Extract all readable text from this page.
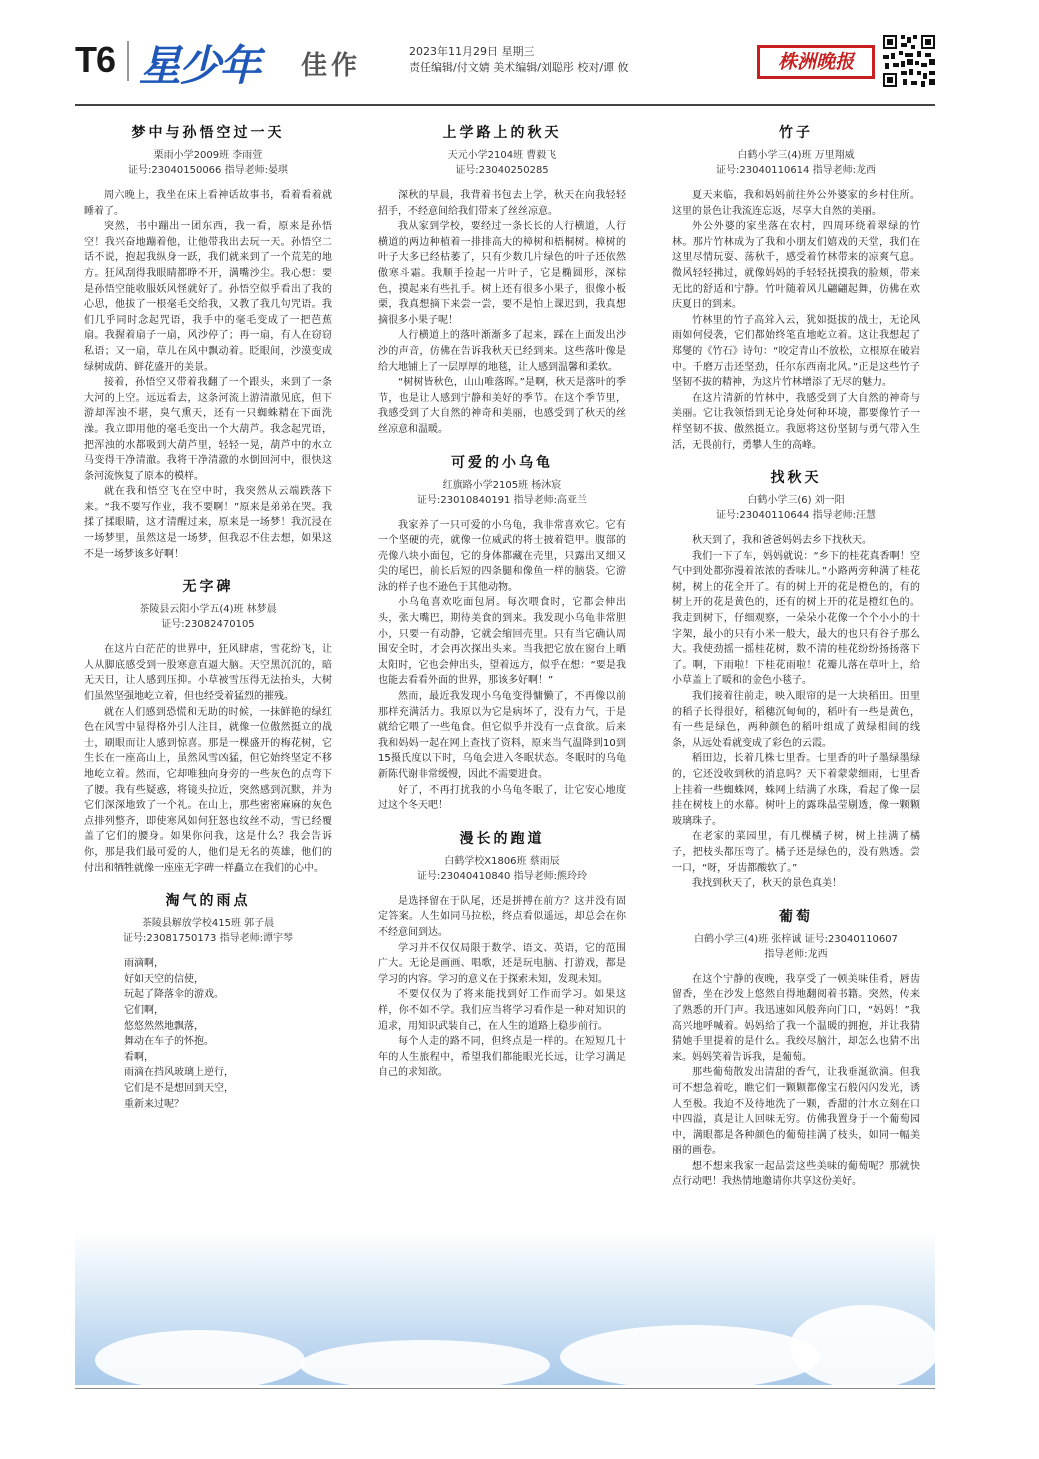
T6 星少年 佳作	2023年11月29日 星期三
责任编辑/付文婧 美术编辑/刘聪彤 校对/谭 攸	株洲晚报
梦中与孙悟空过一天
栗雨小学2009班 李雨萱
证号:23040150066 指导老师:晏琪

周六晚上，我坐在床上看神话故事书，看着看着就睡着了。

突然，书中蹦出一团东西，我一看，原来是孙悟空！我兴奋地蹦着他，让他带我出去玩一天。孙悟空二话不说，抱起我纵身一跃，我们就来到了一个荒芜的地方。狂风刮得我眼睛都睁不开，满嘴沙尘。我心想：要是孙悟空能收服妖风怪就好了。孙悟空似乎看出了我的心思，他拔了一根毫毛交给我，又教了我几句咒语。我们几乎同时念起咒语，我手中的毫毛变成了一把芭蕉扇。我握着扇子一扇，风沙停了；再一扇，有人在窃窃私语；又一扇，草儿在风中飘动着。眨眼间，沙漠变成绿树成荫、鲜花盛开的美景。

接着，孙悟空又带着我翻了一个跟头，来到了一条大河的上空。远远看去，这条河流上游清澈见底，但下游却浑浊不堪，臭气熏天，还有一只蜘蛛精在下面洗澡。我立即用他的毫毛变出一个大葫芦。我念起咒语，把浑浊的水都吸到大葫芦里，轻轻一晃，葫芦中的水立马变得干净清澈。我将干净清澈的水倒回河中，很快这条河流恢复了原本的模样。

就在我和悟空飞在空中时，我突然从云端跌落下来。“我不要写作业，我不要啊！”原来是弟弟在哭。我揉了揉眼睛，这才清醒过来，原来是一场梦！我沉浸在一场梦里，虽然这是一场梦，但我忍不住去想，如果这不是一场梦该多好啊！

无字碑
茶陵县云阳小学五(4)班 林梦晨
证号:23082470105

在这片白茫茫的世界中，狂风肆虐，雪花纷飞，让人从脚底感受到一股寒意直逼大脑。天空黑沉沉的，暗无天日，让人感到压抑。小草被雪压得无法抬头，大树们虽然坚强地屹立着，但也经受着猛烈的摧残。

就在人们感到恐慌和无助的时候，一抹鲜艳的绿红色在风雪中显得格外引人注目，就像一位傲然挺立的战士，刷眼而让人感到惊喜。那是一棵盛开的梅花树，它生长在一座高山上，虽然风雪凶猛，但它始终坚定不移地屹立着。然而，它却唯独向身旁的一些灰色的点弯下了腰。我有些疑惑，将镜头拉近，突然感到沉默，并为它们深深地致了一个礼。在山上，那些密密麻麻的灰色点排列整齐，即使寒风如何狂怒也纹丝不动，雪已经覆盖了它们的腰身。如果你问我，这是什么？我会告诉你，那是我们最可爱的人，他们是无名的英雄，他们的付出和牺牲就像一座座无字碑一样矗立在我们的心中。

淘气的雨点
茶陵县解放学校415班 郭子晨
证号:23081750173 指导老师:谭宇琴
雨滴啊，
好如天空的信使，
玩起了降落伞的游戏。
它们啊，
悠悠然然地飘落，
舞动在车子的怀抱。
看啊，
雨滴在挡风玻璃上逆行，
它们是不是想回到天空，
重新来过呢？
上学路上的秋天
天元小学2104班 曹毅飞
证号:23040250285

深秋的早晨，我背着书包去上学，秋天在向我轻轻招手，不经意间给我们带来了丝丝凉意。

我从家到学校，要经过一条长长的人行横道，人行横道的两边种植着一排排高大的樟树和梧桐树。樟树的叶子大多已经枯萎了，只有少数几片绿色的叶子还依然傲寒斗霜。我顺手捡起一片叶子，它是椭圆形，深棕色，摸起来有些扎手。树上还有很多小果子，很像小板栗，我真想摘下来尝一尝，要不是怕上课迟到，我真想摘很多小果子呢！

人行横道上的落叶渐渐多了起来，踩在上面发出沙沙的声音，仿佛在告诉我秋天已经到来。这些落叶像是给大地铺上了一层厚厚的地毯，让人感到温馨和柔软。

“树树皆秋色，山山唯落晖。”是啊，秋天是落叶的季节，也是让人感到宁静和美好的季节。在这个季节里，我感受到了大自然的神奇和美丽，也感受到了秋天的丝丝凉意和温暖。

可爱的小乌龟
红旗路小学2105班 杨沐宸
证号:23010840191 指导老师:高亚兰

我家养了一只可爱的小乌龟，我非常喜欢它。它有一个坚硬的壳，就像一位威武的将士披着铠甲。腹部的壳像八块小面包，它的身体都藏在壳里，只露出叉细又尖的尾巴，前长后短的四条腿和像鱼一样的脑袋。它游泳的样子也不逊色于其他动物。

小乌龟喜欢吃面包屑。每次喂食时，它都会伸出头，张大嘴巴，期待美食的到来。我发现小乌龟非常胆小，只要一有动静，它就会缩回壳里。只有当它确认周围安全时，才会再次探出头来。当我把它放在窗台上晒太阳时，它也会伸出头，望着远方，似乎在想：“要是我也能去看看外面的世界，那该多好啊！”

然而，最近我发现小乌龟变得慵懒了，不再像以前那样充满活力。我原以为它是病坏了，没有力气，于是就给它喂了一些龟食。但它似乎并没有一点食欲。后来我和妈妈一起在网上查找了资料，原来当气温降到10到15摄氏度以下时，乌龟会进入冬眠状态。冬眠时的乌龟新陈代谢非常缓慢，因此不需要进食。

好了，不再打扰我的小乌龟冬眠了，让它安心地度过这个冬天吧！

漫长的跑道
白鹤学校X1806班 蔡雨辰
证号:23040410840 指导老师:熊玲玲

是选择留在于队尾，还是拼搏在前方？这并没有固定答案。人生如同马拉松，终点看似遥远，却总会在你不经意间到达。

学习并不仅仅局限于数学、语文、英语，它的范围广大。无论是画画、唱歌，还是玩电脑、打游戏，都是学习的内容。学习的意义在于探索未知，发现未知。

不要仅仅为了将来能找到好工作而学习。如果这样，你不如不学。我们应当将学习看作是一种对知识的追求，用知识武装自己，在人生的道路上稳步前行。

每个人走的路不同，但终点是一样的。在短短几十年的人生旅程中，希望我们都能眼光长远，让学习满足自己的求知欲。

竹子
白鹤小学三(4)班 万里翔威
证号:23040110614 指导老师:龙西

夏天来临，我和妈妈前往外公外婆家的乡村住所。这里的景色让我流连忘返，尽享大自然的美丽。

外公外婆的家坐落在农村，四周环绕着翠绿的竹林。那片竹林成为了我和小朋友们嬉戏的天堂，我们在这里尽情玩耍、荡秋千，感受着竹林带来的凉爽气息。微风轻轻拂过，就像妈妈的手轻轻抚摸我的脸颊，带来无比的舒适和宁静。竹叶随着风儿翩翩起舞，仿佛在欢庆夏日的到来。

竹林里的竹子高耸入云，犹如挺拔的战士，无论风雨如何侵袭，它们都始终笔直地屹立着。这让我想起了郑燮的《竹石》诗句：“咬定青山不放松，立根原在破岩中。千磨万击还坚劲，任尔东西南北风。”正是这些竹子坚韧不拔的精神，为这片竹林增添了无尽的魅力。

在这片清新的竹林中，我感受到了大自然的神奇与美丽。它让我领悟到无论身处何种环境，都要像竹子一样坚韧不拔、傲然挺立。我愿将这份坚韧与勇气带入生活，无畏前行，勇攀人生的高峰。

找秋天
白鹤小学三(6) 刘一阳
证号:23040110644 指导老师:汪慧

秋天到了，我和爸爸妈妈去乡下找秋天。

我们一下了车，妈妈就说：“乡下的桂花真香啊！空气中到处都弥漫着浓浓的香味儿。”小路两旁种满了桂花树，树上的花全开了。有的树上开的花是橙色的，有的树上开的花是黄色的，还有的树上开的花是橙红色的。我走到树下，仔细观察，一朵朵小花像一个个小小的十字架，最小的只有小米一般大，最大的也只有谷子那么大。我使劲摇一摇桂花树，数不清的桂花纷纷扬扬落下了。啊，下雨啦！下桂花雨啦！花瓣儿落在草叶上，给小草盖上了暖和的金色小毯子。

我们接着往前走，映入眼帘的是一大块稻田。田里的稻子长得很好，稻穗沉甸甸的，稻叶有一些是黄色，有一些是绿色，两种颜色的稻叶组成了黄绿相间的线条，从远处看就变成了彩色的云霞。

稻田边，长着几株七里香。七里香的叶子墨绿墨绿的，它还没收到秋的消息吗？天下着蒙蒙细雨，七里香上挂着一些蜘蛛网，蛛网上结满了水珠，看起了像一层挂在树枝上的水幕。树叶上的露珠晶莹剔透，像一颗颗玻璃珠子。

在老家的菜园里，有几棵橘子树，树上挂满了橘子，把枝头都压弯了。橘子还是绿色的，没有熟透。尝一口，“呀，牙齿都酸软了。”

我找到秋天了，秋天的景色真美！

葡萄
白鹤小学三(4)班 张梓诚 证号:23040110607
指导老师:龙西

在这个宁静的夜晚，我享受了一顿美味佳肴，唇齿留香，坐在沙发上悠然自得地翻阅着书籍。突然，传来了熟悉的开门声。我迅速如风般奔向门口，“妈妈！”我高兴地呼喊着。妈妈给了我一个温暖的拥抱，并让我猜猜她手里提着的是什么。我绞尽脑汁，却怎么也猜不出来。妈妈笑着告诉我，是葡萄。

那些葡萄散发出清甜的香气，让我垂涎欲滴。但我可不想急着吃，瞧它们一颗颗都像宝石般闪闪发光，诱人至极。我迫不及待地洗了一颗，香甜的汁水立刻在口中四溢，真是让人回味无穷。仿佛我置身于一个葡萄园中，满眼都是各种颜色的葡萄挂满了枝头，如同一幅美丽的画卷。

想不想来我家一起品尝这些美味的葡萄呢？那就快点行动吧！我热情地邀请你共享这份美好。
